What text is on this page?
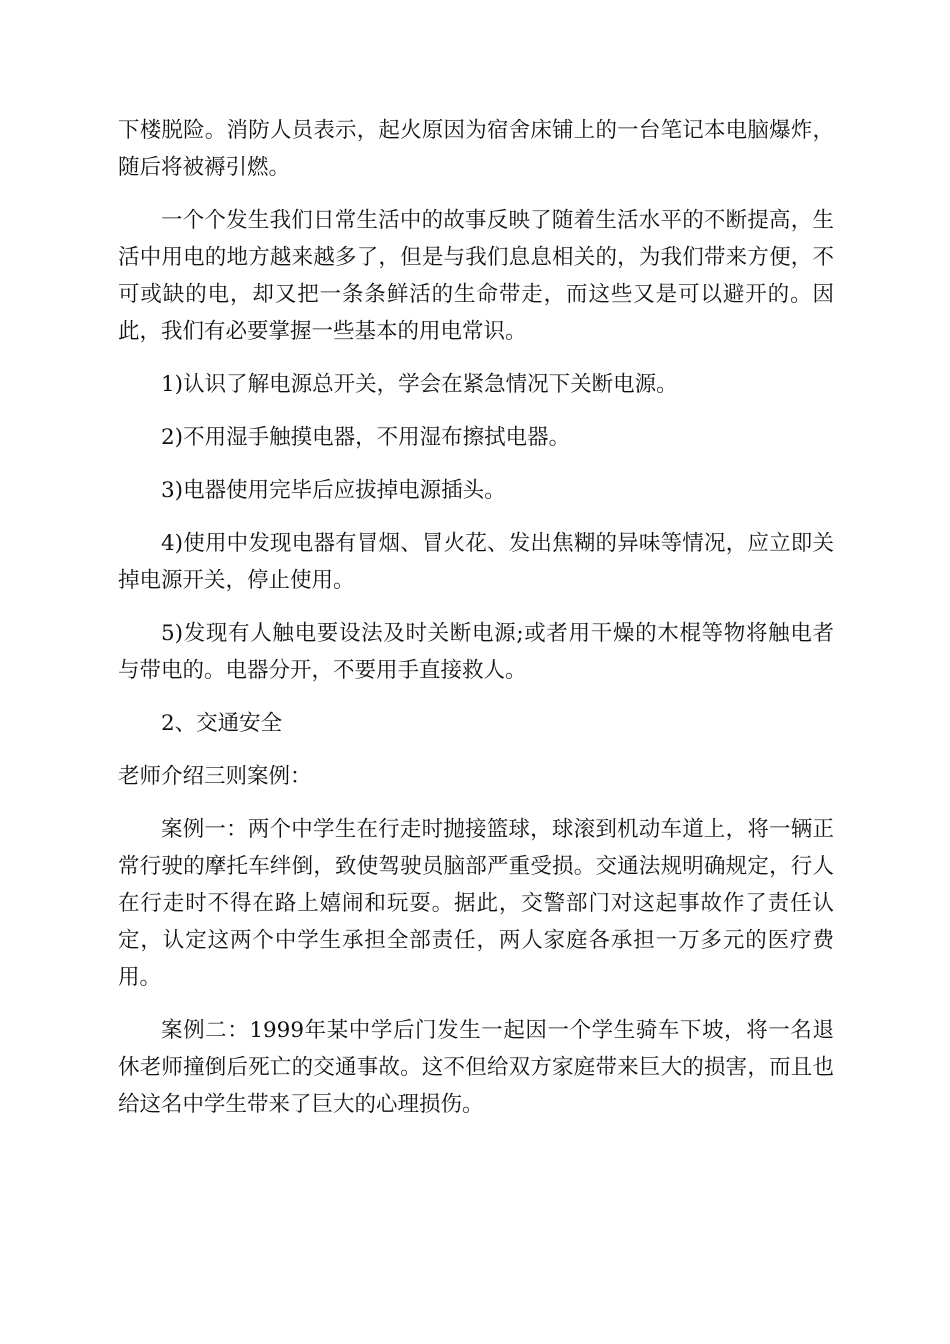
下楼脱险。消防人员表示，起火原因为宿舍床铺上的一台笔记本电脑爆炸，随后将被褥引燃。

一个个发生我们日常生活中的故事反映了随着生活水平的不断提高，生活中用电的地方越来越多了，但是与我们息息相关的，为我们带来方便，不可或缺的电，却又把一条条鲜活的生命带走，而这些又是可以避开的。因此，我们有必要掌握一些基本的用电常识。

1)认识了解电源总开关，学会在紧急情况下关断电源。

2)不用湿手触摸电器，不用湿布擦拭电器。

3)电器使用完毕后应拔掉电源插头。

4)使用中发现电器有冒烟、冒火花、发出焦糊的异味等情况，应立即关掉电源开关，停止使用。

5)发现有人触电要设法及时关断电源;或者用干燥的木棍等物将触电者与带电的。电器分开，不要用手直接救人。

2、交通安全

老师介绍三则案例：

案例一：两个中学生在行走时抛接篮球，球滚到机动车道上，将一辆正常行驶的摩托车绊倒，致使驾驶员脑部严重受损。交通法规明确规定，行人在行走时不得在路上嬉闹和玩耍。据此，交警部门对这起事故作了责任认定，认定这两个中学生承担全部责任，两人家庭各承担一万多元的医疗费用。

案例二：1999年某中学后门发生一起因一个学生骑车下坡，将一名退休老师撞倒后死亡的交通事故。这不但给双方家庭带来巨大的损害，而且也给这名中学生带来了巨大的心理损伤。
